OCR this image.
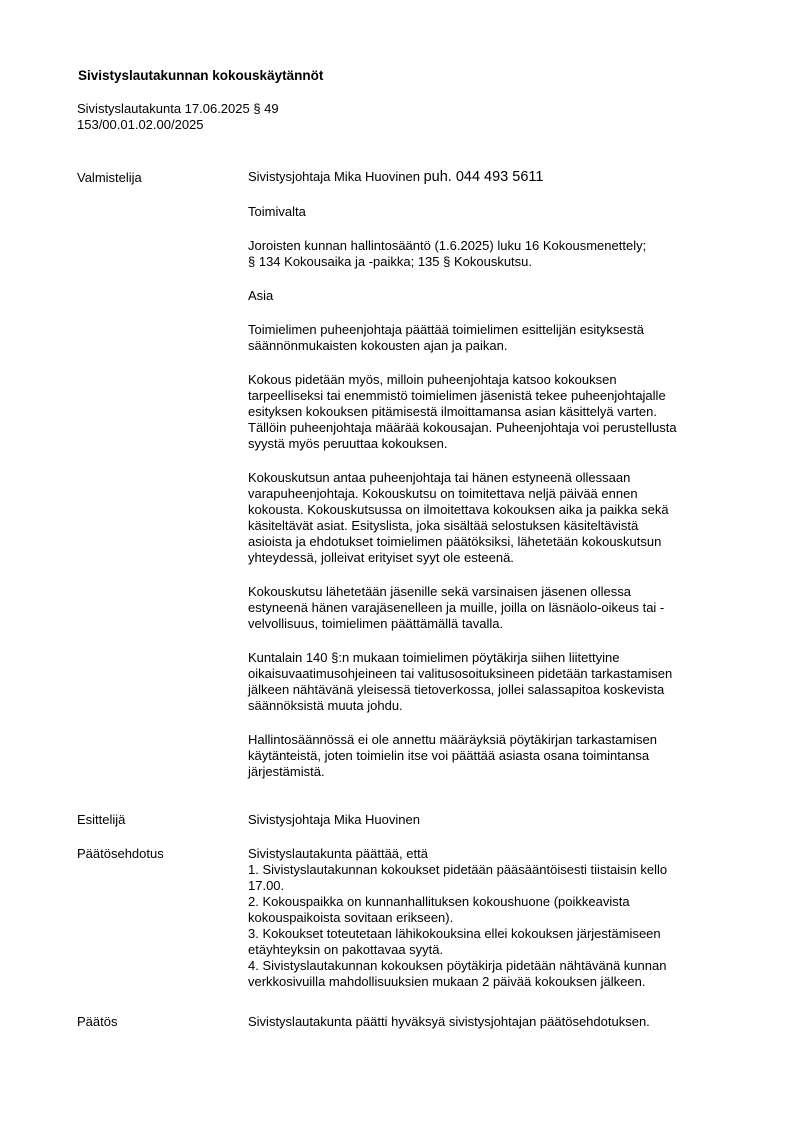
Sivistyslautakunnan kokouskäytännöt
Sivistyslautakunta 17.06.2025 § 49
153/00.01.02.00/2025
Valmistelija	Sivistysjohtaja Mika Huovinen puh. 044 493 5611
Toimivalta
Joroisten kunnan hallintosääntö (1.6.2025) luku 16 Kokousmenettely;
§ 134 Kokousaika ja -paikka; 135 § Kokouskutsu.
Asia
Toimielimen puheenjohtaja päättää toimielimen esittelijän esityksestä
säännönmukaisten kokousten ajan ja paikan.
Kokous pidetään myös, milloin puheenjohtaja katsoo kokouksen
tarpeelliseksi tai enemmistö toimielimen jäsenistä tekee puheenjohtajalle
esityksen kokouksen pitämisestä ilmoittamansa asian käsittelyä varten.
Tällöin puheenjohtaja määrää kokousajan. Puheenjohtaja voi perustellusta
syystä myös peruuttaa kokouksen.
Kokouskutsun antaa puheenjohtaja tai hänen estyneenä ollessaan
varapuheenjohtaja. Kokouskutsu on toimitettava neljä päivää ennen
kokousta. Kokouskutsussa on ilmoitettava kokouksen aika ja paikka sekä
käsiteltävät asiat. Esityslista, joka sisältää selostuksen käsiteltävistä
asioista ja ehdotukset toimielimen päätöksiksi, lähetetään kokouskutsun
yhteydessä, jolleivat erityiset syyt ole esteenä.
Kokouskutsu lähetetään jäsenille sekä varsinaisen jäsenen ollessa
estyneenä hänen varajäsenelleen ja muille, joilla on läsnäolo-oikeus tai -
velvollisuus, toimielimen päättämällä tavalla.
Kuntalain 140 §:n mukaan toimielimen pöytäkirja siihen liitettyine
oikaisuvaatimusohjeineen tai valitusosoituksineen pidetään tarkastamisen
jälkeen nähtävänä yleisessä tietoverkossa, jollei salassapitoa koskevista
säännöksistä muuta johdu.
Hallintosäännössä ei ole annettu määräyksiä pöytäkirjan tarkastamisen
käytänteistä, joten toimielin itse voi päättää asiasta osana toimintansa
järjestämistä.
Esittelijä	Sivistysjohtaja Mika Huovinen
Päätösehdotus	Sivistyslautakunta päättää, että
1. Sivistyslautakunnan kokoukset pidetään pääsääntöisesti tiistaisin kello
17.00.
2. Kokouspaikka on kunnanhallituksen kokoushuone (poikkeavista
kokouspaikoista sovitaan erikseen).
3. Kokoukset toteutetaan lähikokouksina ellei kokouksen järjestämiseen
etäyhteyksin on pakottavaa syytä.
4. Sivistyslautakunnan kokouksen pöytäkirja pidetään nähtävänä kunnan
verkkosivuilla mahdollisuuksien mukaan 2 päivää kokouksen jälkeen.
Päätös	Sivistyslautakunta päätti hyväksyä sivistysjohtajan päätösehdotuksen.
